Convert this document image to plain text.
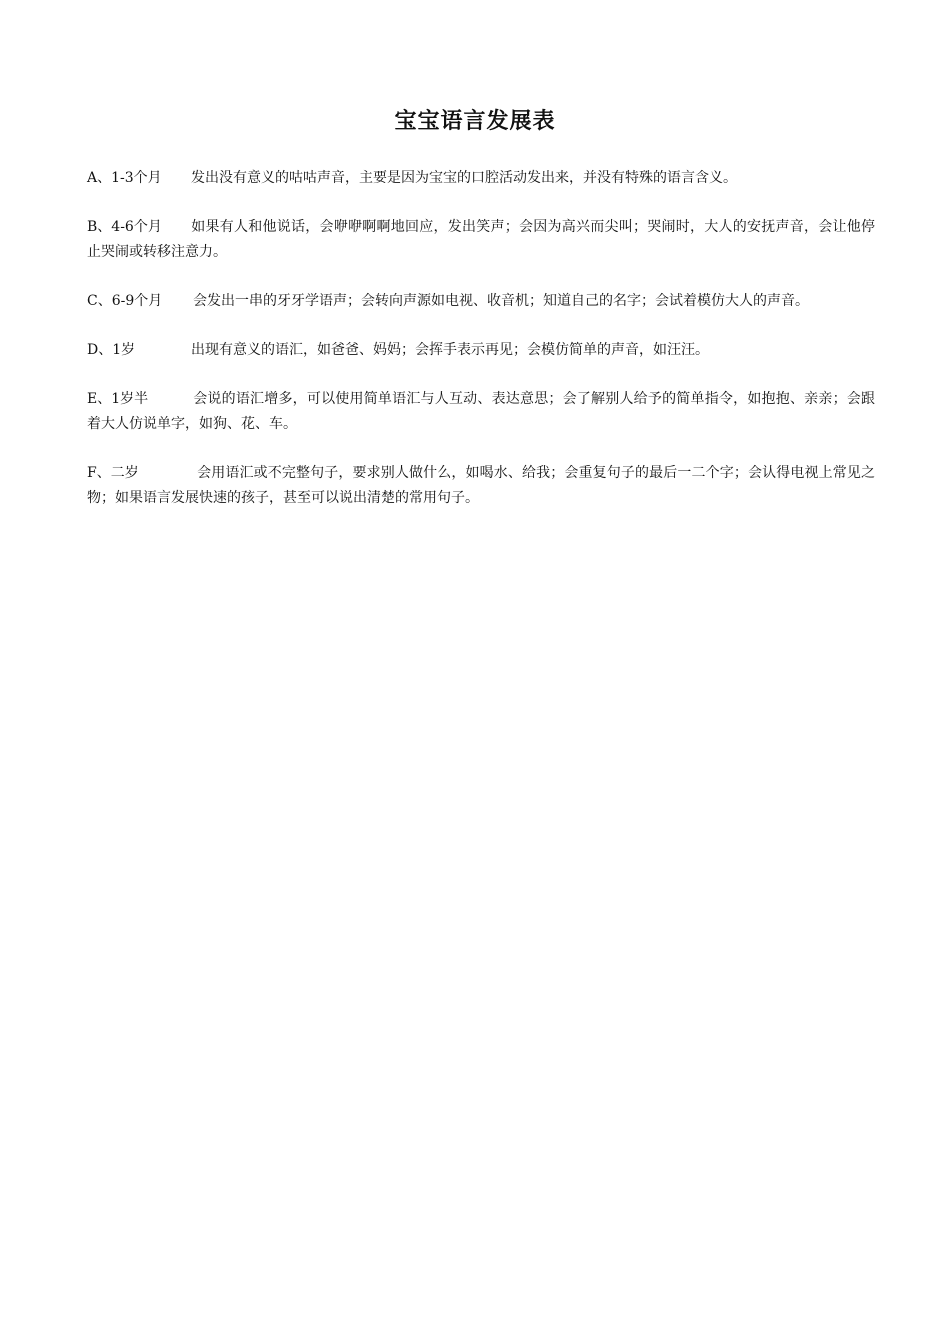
宝宝语言发展表

A、1-3个月 发出没有意义的咕咕声音，主要是因为宝宝的口腔活动发出来，并没有特殊的语言含义。

B、4-6个月 如果有人和他说话，会咿咿啊啊地回应，发出笑声；会因为高兴而尖叫；哭闹时，大人的安抚声音，会让他停止哭闹或转移注意力。

C、6-9个月 会发出一串的牙牙学语声；会转向声源如电视、收音机；知道自己的名字；会试着模仿大人的声音。

D、1岁	出现有意义的语汇，如爸爸、妈妈；会挥手表示再见；会模仿简单的声音，如汪汪。

E、1岁半	会说的语汇增多，可以使用简单语汇与人互动、表达意思；会了解别人给予的简单指令，如抱抱、亲亲；会跟着大人仿说单字，如狗、花、车。

F、二岁	会用语汇或不完整句子，要求别人做什么，如喝水、给我；会重复句子的最后一二个字；会认得电视上常见之物；如果语言发展快速的孩子，甚至可以说出清楚的常用句子。
